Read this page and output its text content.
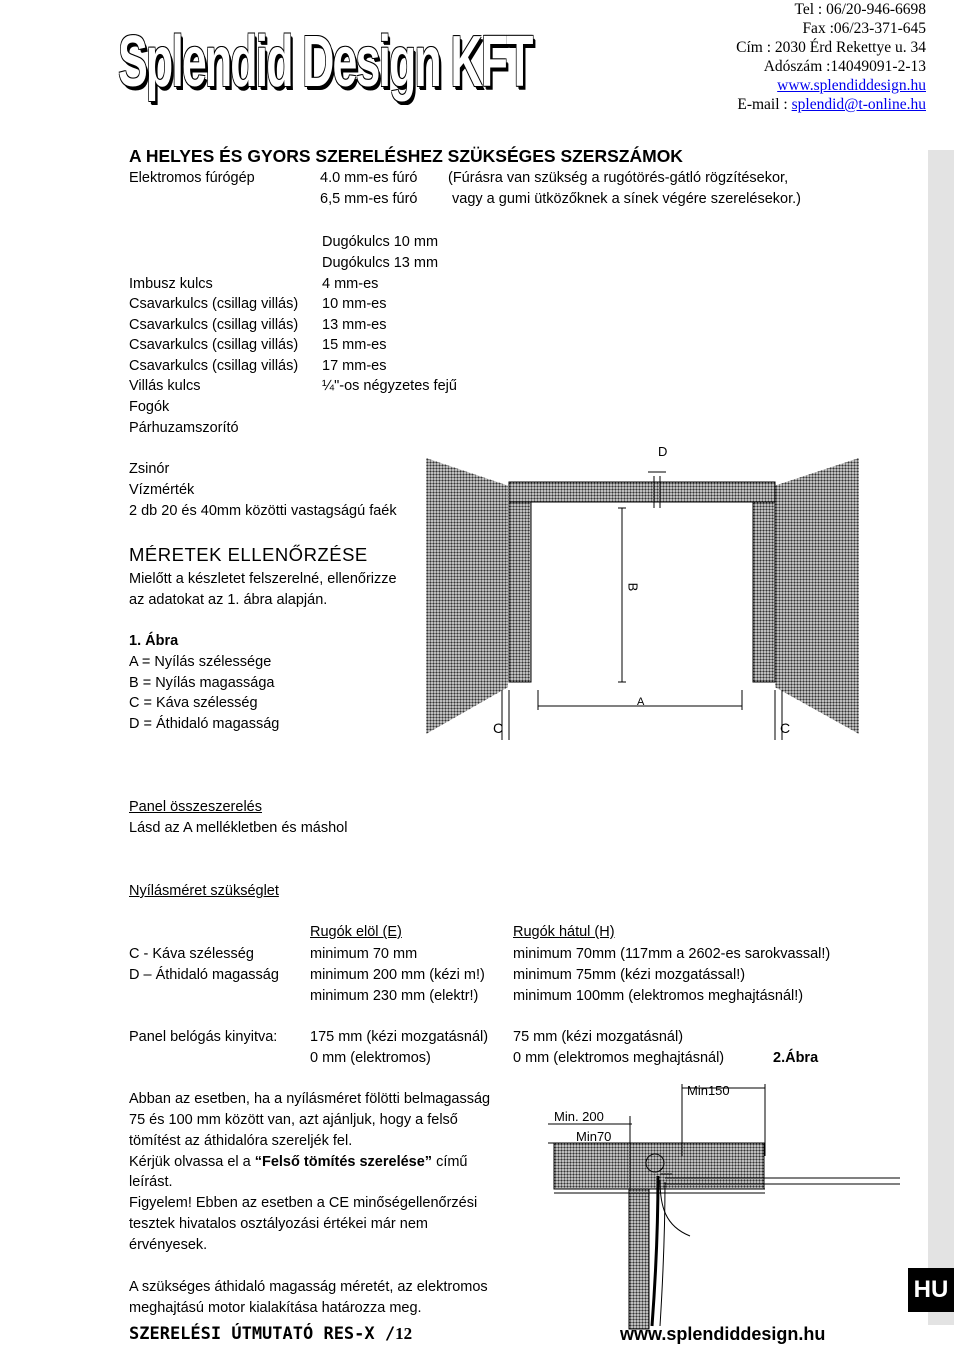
Splendid Design KFT
Tel : 06/20-946-6698
Fax :06/23-371-645
Cím : 2030 Érd Rekettye u. 34
Adószám :14049091-2-13
www.splendiddesign.hu
E-mail : splendid@t-online.hu
A HELYES ÉS GYORS SZERELÉSHEZ SZÜKSÉGES SZERSZÁMOK
Elektromos fúrógép	4.0 mm-es fúró (Fúrásra van szükség a rugótörés-gátló rögzítésekor,
6,5 mm-es fúró vagy a gumi ütközőknek a sínek végére szerelésekor.)
Dugókulcs 10 mm
Dugókulcs 13 mm
Imbusz kulcs	4 mm-es
Csavarkulcs (csillag villás) 10 mm-es
Csavarkulcs (csillag villás) 13 mm-es
Csavarkulcs (csillag villás) 15 mm-es
Csavarkulcs (csillag villás) 17 mm-es
Villás kulcs	¼"-os négyzetes fejű
Fogók
Párhuzamszorító
Zsinór
Vízmérték
2 db 20 és 40mm közötti vastagságú faék
MÉRETEK ELLENŐRZÉSE
Mielőtt a készletet felszerelné, ellenőrizze
az adatokat az 1. ábra alapján.
1. Ábra
A = Nyílás szélessége
B = Nyílás magassága
C = Káva szélesség
D = Áthidaló magasság
D
B
A
C	C
Panel összeszerelés
Lásd az A mellékletben és máshol
Nyílásméret szükséglet
Rugók elöl (E)	Rugók hátul (H)
C - Káva szélesség	minimum 70 mm	minimum 70mm (117mm a 2602-es sarokvassal!)
D – Áthidaló magasság minimum 200 mm (kézi m!) minimum 75mm (kézi mozgatással!)
minimum 230 mm (elektr!) minimum 100mm (elektromos meghajtásnál!)
Panel belógás kinyitva: 175 mm (kézi mozgatásnál) 75 mm (kézi mozgatásnál)
0 mm (elektromos)	0 mm (elektromos meghajtásnál)	2.Ábra
Abban az esetben, ha a nyílásméret fölötti belmagasság
75 és 100 mm között van, azt ajánljuk, hogy a felső
tömítést az áthidalóra szereljék fel.
Kérjük olvassa el a “Felső tömítés szerelése” című
leírást.
Figyelem! Ebben az esetben a CE minőségellenőrzési
tesztek hivatalos osztályozási értékei már nem
érvényesek.
A szükséges áthidaló magasság méretét, az elektromos
meghajtású motor kialakítása határozza meg.
Min150
Min. 200
Min70
HU
SZERELÉSI ÚTMUTATÓ RES-X /12	www.splendiddesign.hu
